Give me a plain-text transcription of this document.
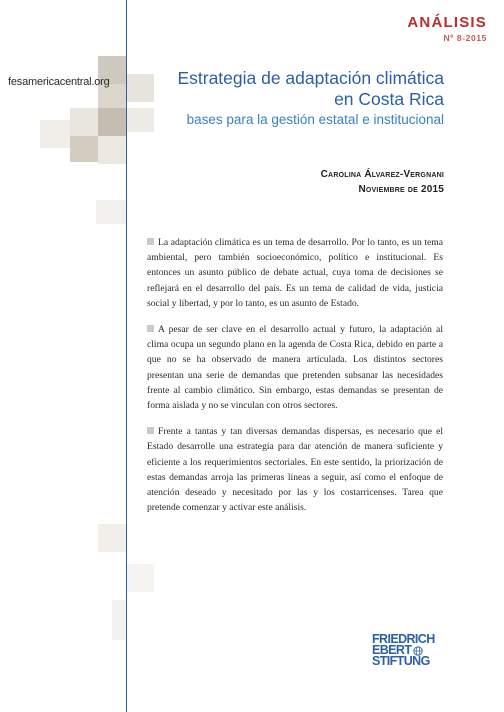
ANÁLISIS
Nº 8-2015
fesamericacentral.org	Estrategia de adaptación climática
en Costa Rica
bases para la gestión estatal e institucional
Carolina Álvarez-Vergnani
Noviembre de 2015

La adaptación climática es un tema de desarrollo. Por lo tanto, es un tema ambiental, pero también socioeconómico, político e institucional. Es entonces un asunto público de debate actual, cuya toma de decisiones se reflejará en el desarrollo del país. Es un tema de calidad de vida, justicia social y libertad, y por lo tanto, es un asunto de Estado.

A pesar de ser clave en el desarrollo actual y futuro, la adaptación al clima ocupa un segundo plano en la agenda de Costa Rica, debido en parte a que no se ha observado de manera articulada. Los distintos sectores presentan una serie de demandas que pretenden subsanar las necesidades frente al cambio climático. Sin embargo, estas demandas se presentan de forma aislada y no se vinculan con otros sectores.

Frente a tantas y tan diversas demandas dispersas, es necesario que el Estado desarrolle una estrategia para dar atención de manera suficiente y eficiente a los requerimientos sectoriales. En este sentido, la priorización de estas demandas arroja las primeras líneas a seguir, así como el enfoque de atención deseado y necesitado por las y los costarricenses. Tarea que pretende comenzar y activar este análisis.

FRIEDRICH
EBERT
STIFTUNG
